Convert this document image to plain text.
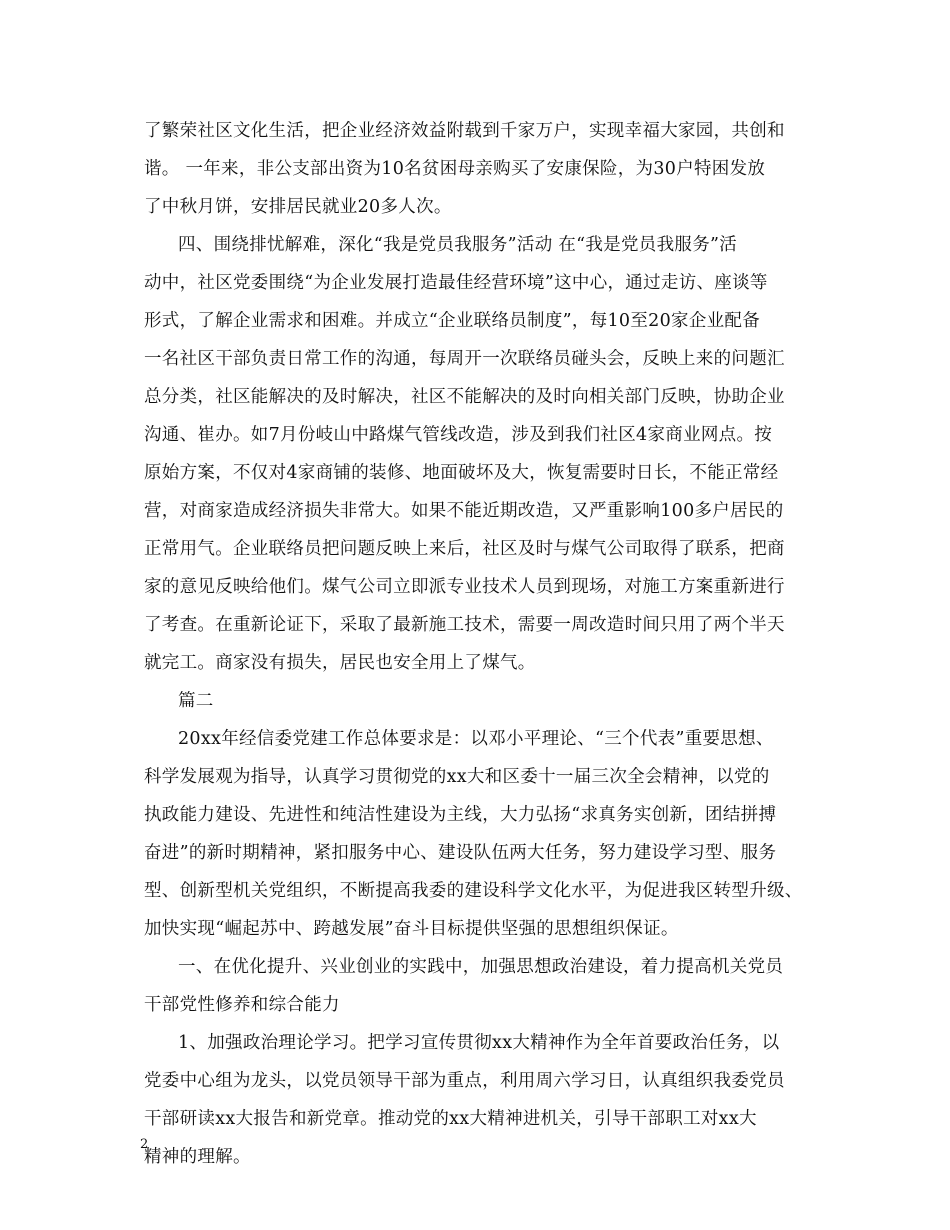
了繁荣社区文化生活，把企业经济效益附载到千家万户，实现幸福大家园，共创和
谐。 一年来，非公支部出资为10名贫困母亲购买了安康保险，为30户特困发放
了中秋月饼，安排居民就业20多人次。
四、围绕排忧解难，深化“我是党员我服务”活动 在“我是党员我服务”活
动中，社区党委围绕“为企业发展打造最佳经营环境”这中心，通过走访、座谈等
形式，了解企业需求和困难。并成立“企业联络员制度”，每10至20家企业配备
一名社区干部负责日常工作的沟通，每周开一次联络员碰头会，反映上来的问题汇
总分类，社区能解决的及时解决，社区不能解决的及时向相关部门反映，协助企业
沟通、崔办。如7月份岐山中路煤气管线改造，涉及到我们社区4家商业网点。按
原始方案，不仅对4家商铺的装修、地面破坏及大，恢复需要时日长，不能正常经
营，对商家造成经济损失非常大。如果不能近期改造，又严重影响100多户居民的
正常用气。企业联络员把问题反映上来后，社区及时与煤气公司取得了联系，把商
家的意见反映给他们。煤气公司立即派专业技术人员到现场，对施工方案重新进行
了考查。在重新论证下，采取了最新施工技术，需要一周改造时间只用了两个半天
就完工。商家没有损失，居民也安全用上了煤气。
篇二
20xx年经信委党建工作总体要求是：以邓小平理论、“三个代表”重要思想、
科学发展观为指导，认真学习贯彻党的xx大和区委十一届三次全会精神，以党的
执政能力建设、先进性和纯洁性建设为主线，大力弘扬“求真务实创新，团结拼搏
奋进”的新时期精神，紧扣服务中心、建设队伍两大任务，努力建设学习型、服务
型、创新型机关党组织，不断提高我委的建设科学文化水平，为促进我区转型升级、
加快实现“崛起苏中、跨越发展”奋斗目标提供坚强的思想组织保证。
一、在优化提升、兴业创业的实践中，加强思想政治建设，着力提高机关党员
干部党性修养和综合能力
1、加强政治理论学习。把学习宣传贯彻xx大精神作为全年首要政治任务，以
党委中心组为龙头，以党员领导干部为重点，利用周六学习日，认真组织我委党员
干部研读xx大报告和新党章。推动党的xx大精神进机关，引导干部职工对xx大
精神的理解。
2
